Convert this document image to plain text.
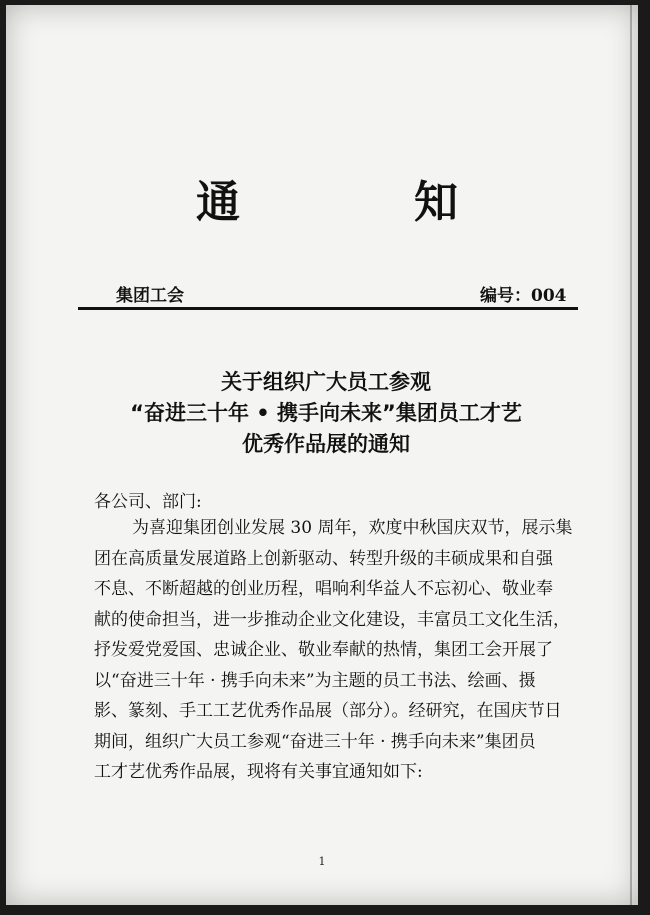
通	知
集团工会	编号：004
关于组织广大员工参观
“奋进三十年 • 携手向未来”集团员工才艺
优秀作品展的通知
各公司、部门:
为喜迎集团创业发展 30 周年，欢度中秋国庆双节，展示集
团在高质量发展道路上创新驱动、转型升级的丰硕成果和自强
不息、不断超越的创业历程，唱响利华益人不忘初心、敬业奉
献的使命担当，进一步推动企业文化建设，丰富员工文化生活，
抒发爱党爱国、忠诚企业、敬业奉献的热情，集团工会开展了
以“奋进三十年 · 携手向未来”为主题的员工书法、绘画、摄
影、篆刻、手工工艺优秀作品展（部分）。经研究，在国庆节日
期间，组织广大员工参观“奋进三十年 · 携手向未来”集团员
工才艺优秀作品展，现将有关事宜通知如下:
1
